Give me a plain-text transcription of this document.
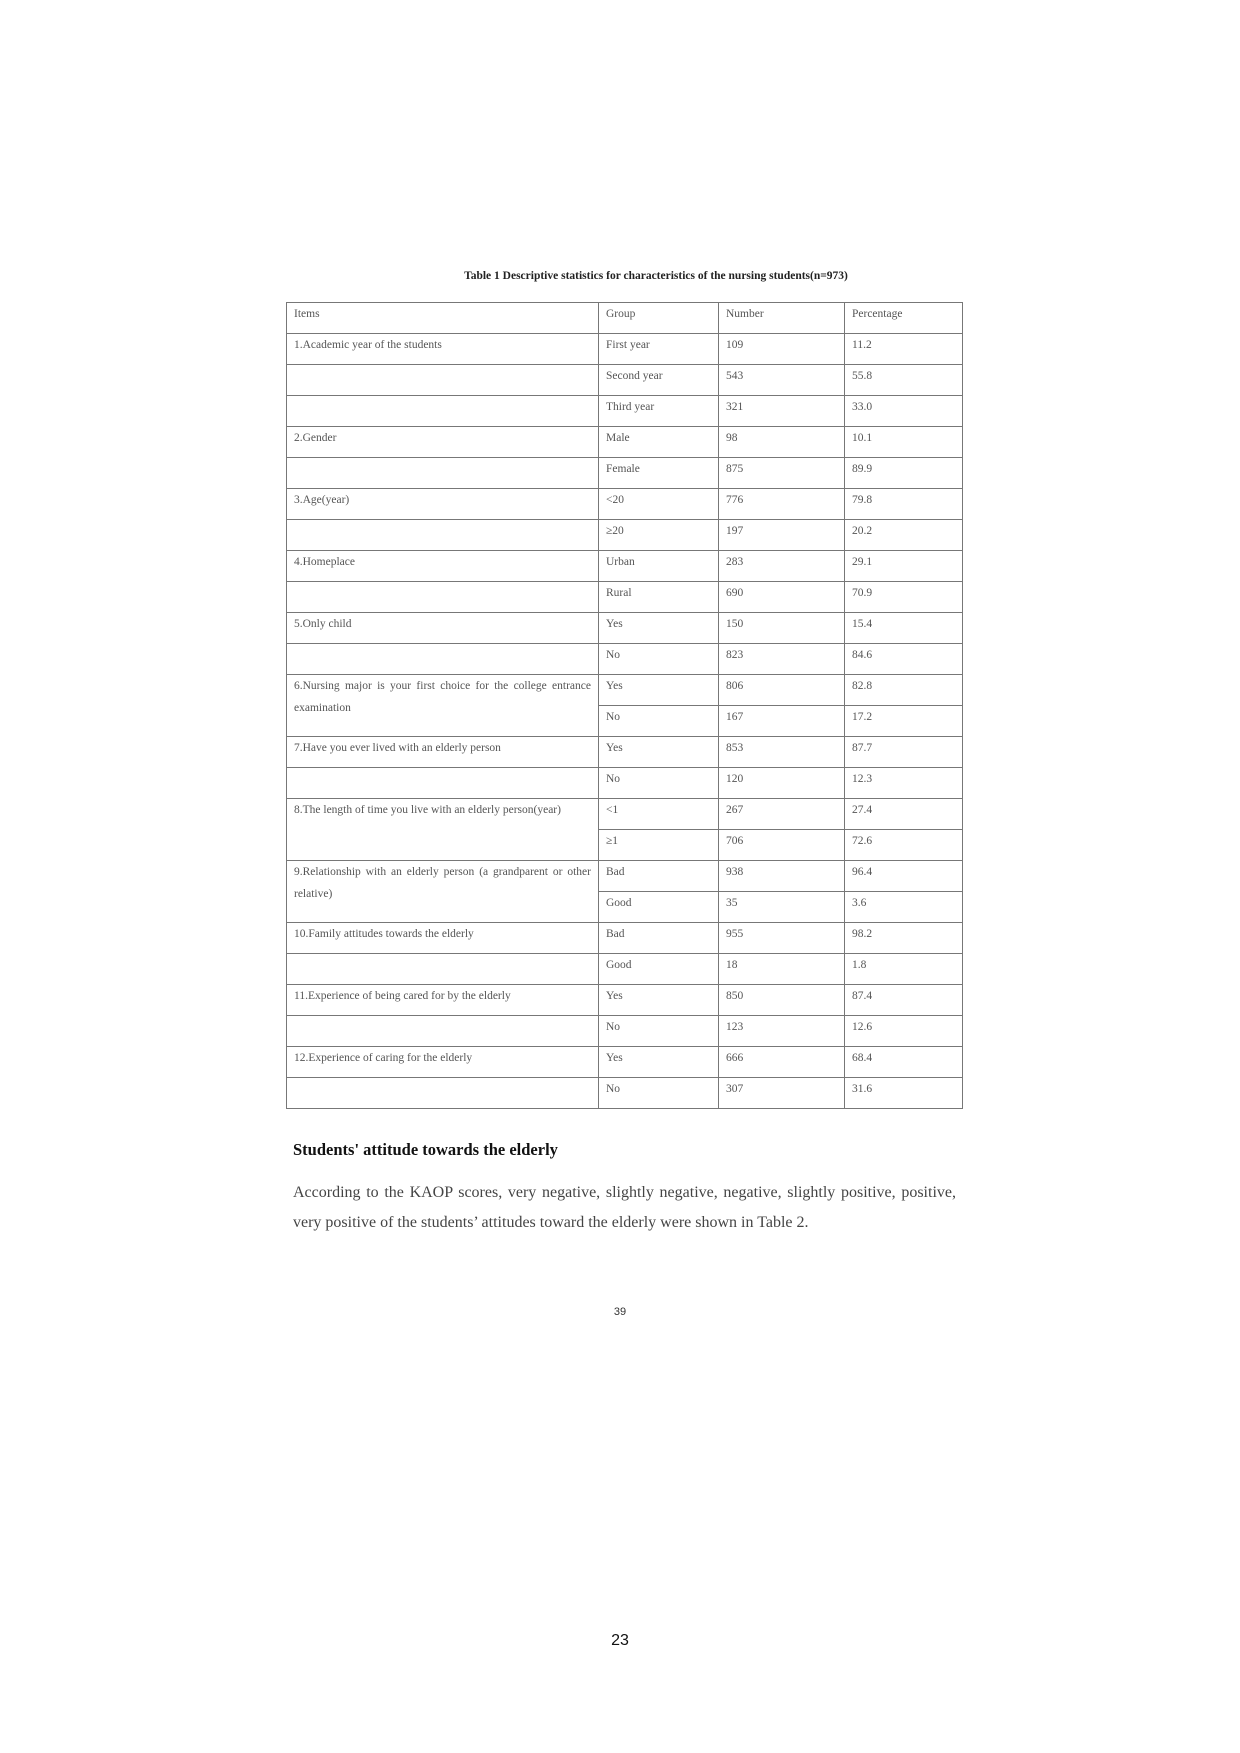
Table 1 Descriptive statistics for characteristics of the nursing students(n=973)
Items	Group	Number	Percentage
1.Academic year of the students	First year	109	11.2
	Second year	543	55.8
	Third year	321	33.0
2.Gender	Male	98	10.1
	Female	875	89.9
3.Age(year)	<20	776	79.8
	≥20	197	20.2
4.Homeplace	Urban	283	29.1
	Rural	690	70.9
5.Only child	Yes	150	15.4
	No	823	84.6
6.Nursing major is your first choice for the college entrance examination	Yes	806	82.8
	No	167	17.2
7.Have you ever lived with an elderly person	Yes	853	87.7
	No	120	12.3
8.The length of time you live with an elderly person(year)	<1	267	27.4
	≥1	706	72.6
9.Relationship with an elderly person (a grandparent or other relative)	Bad	938	96.4
	Good	35	3.6
10.Family attitudes towards the elderly	Bad	955	98.2
	Good	18	1.8
11.Experience of being cared for by the elderly	Yes	850	87.4
	No	123	12.6
12.Experience of caring for the elderly	Yes	666	68.4
	No	307	31.6
Students' attitude towards the elderly

According to the KAOP scores, very negative, slightly negative, negative, slightly positive, positive, very positive of the students’ attitudes toward the elderly were shown in Table 2.

39
23
